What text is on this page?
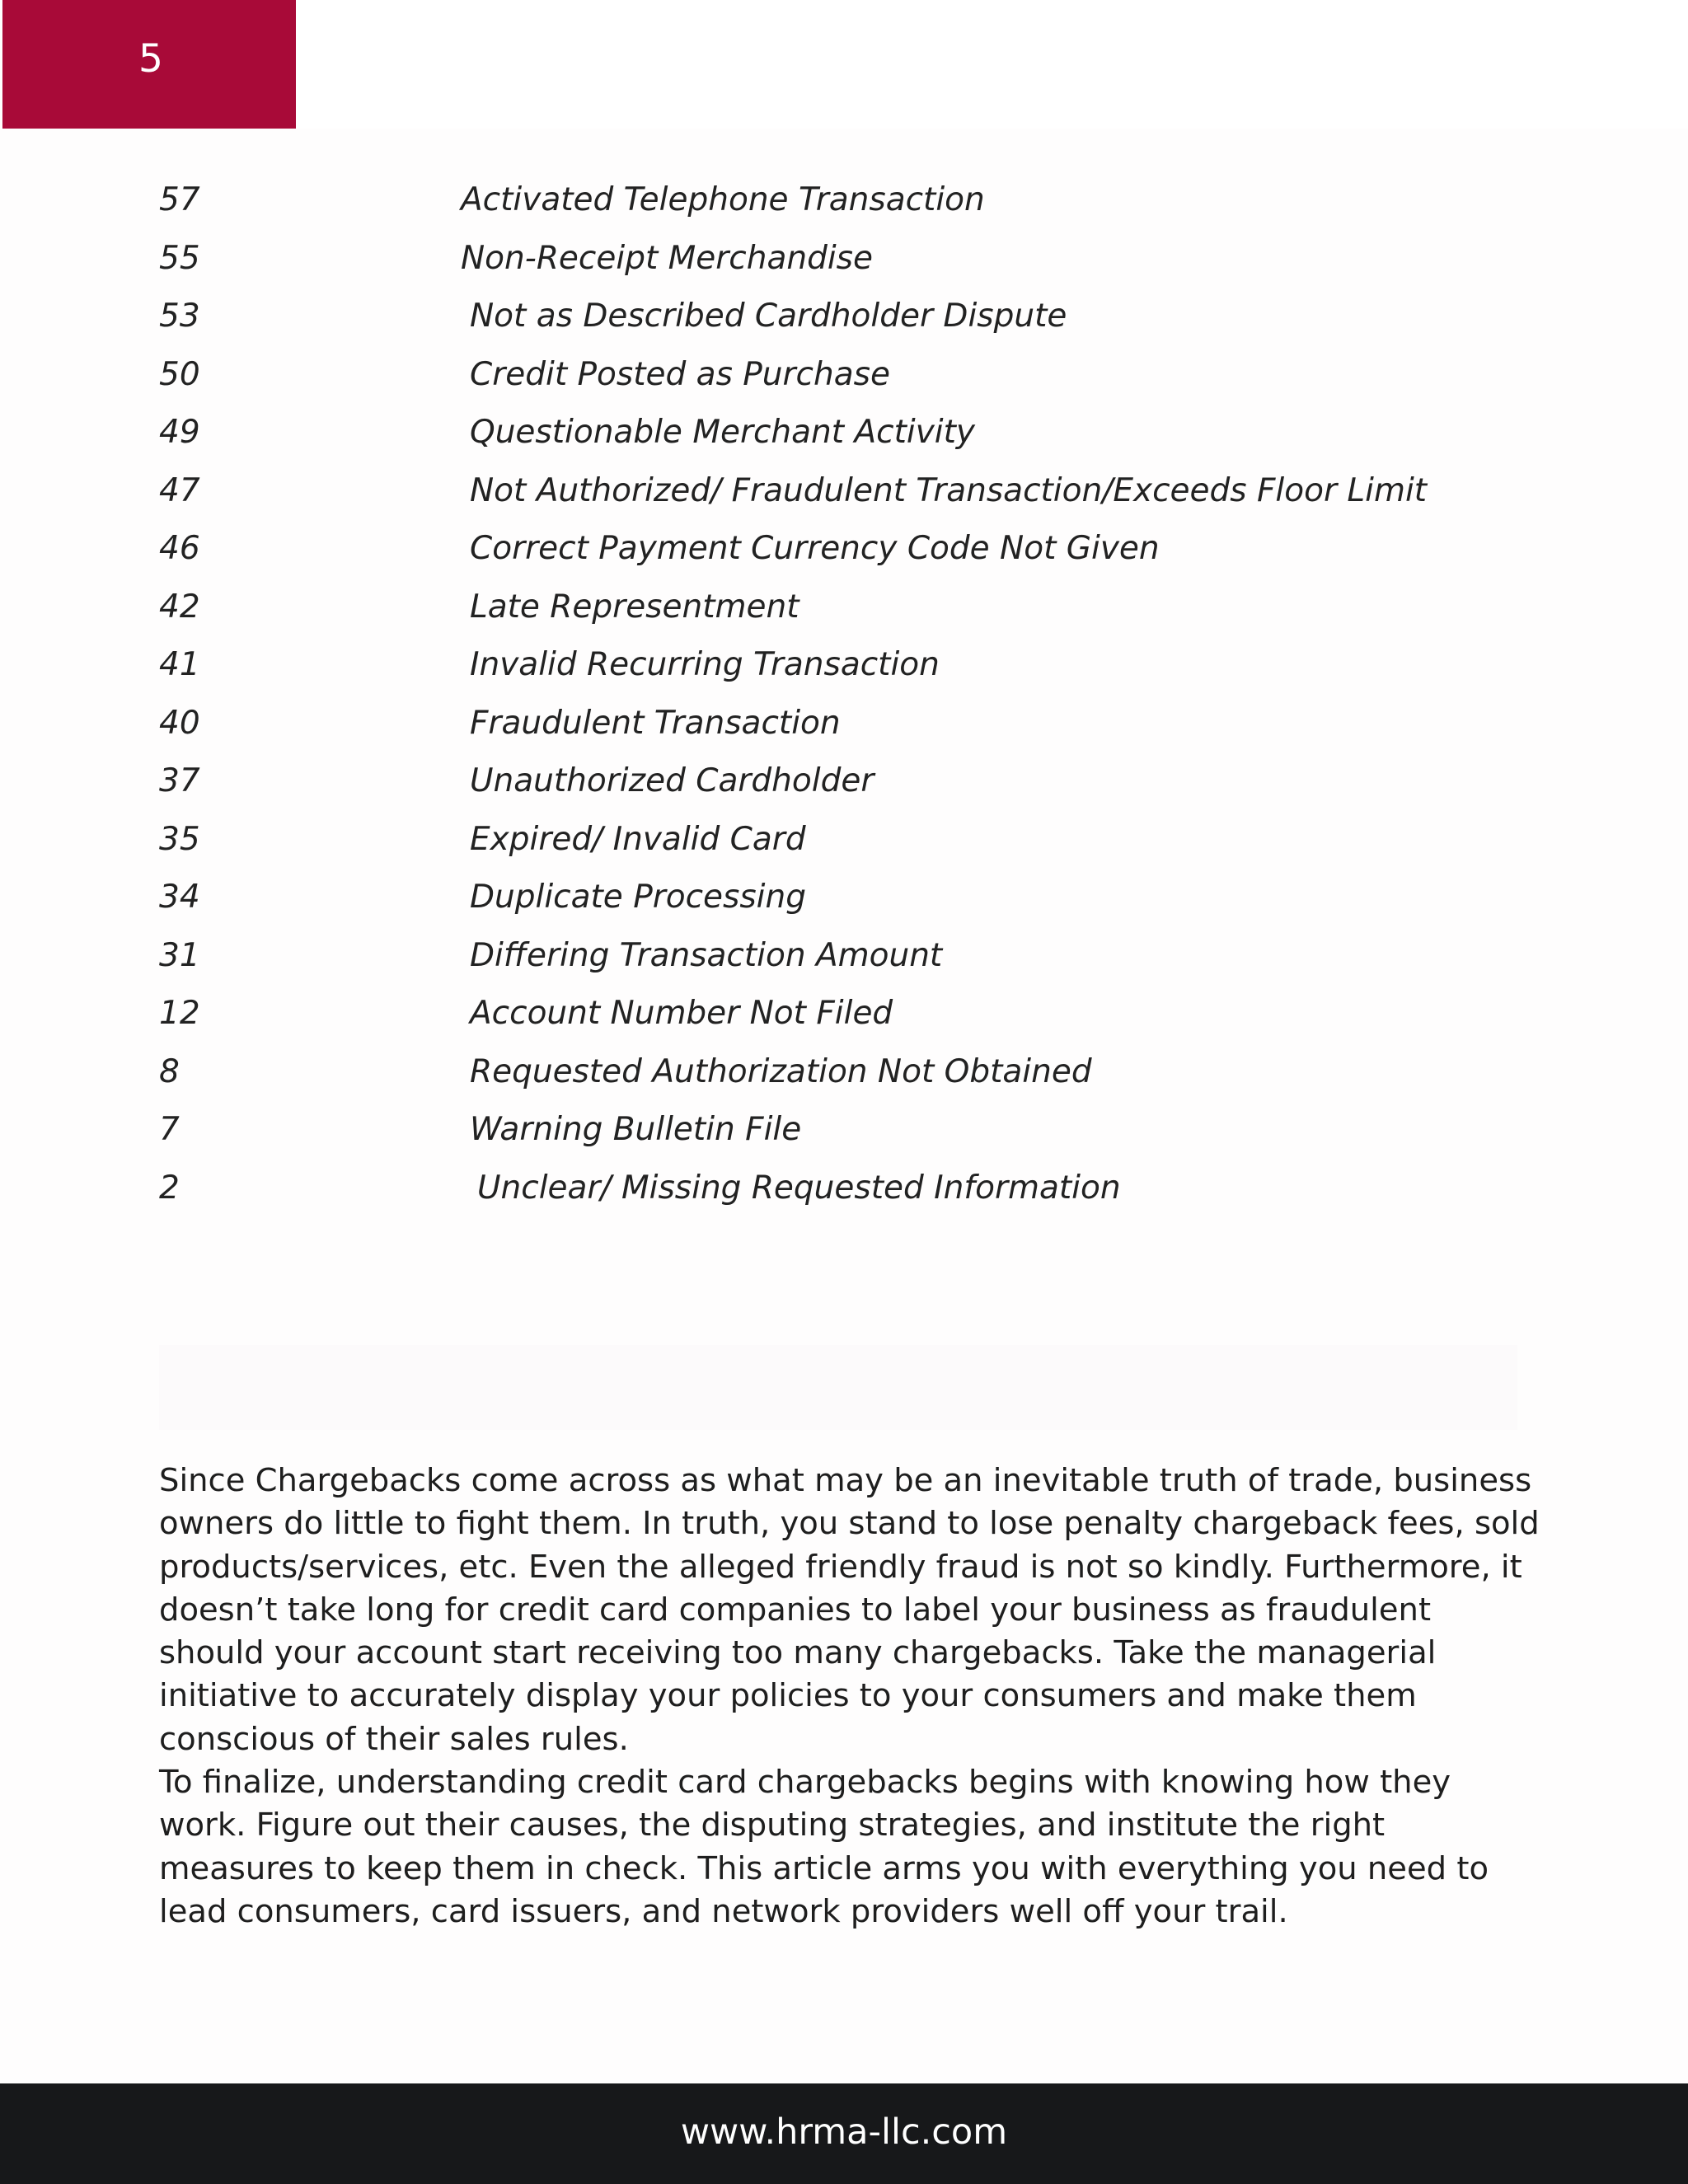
5
57	Activated Telephone Transaction
55	Non-Receipt Merchandise
53	Not as Described Cardholder Dispute
50	Credit Posted as Purchase
49	Questionable Merchant Activity
47	Not Authorized/ Fraudulent Transaction/Exceeds Floor Limit
46	Correct Payment Currency Code Not Given
42	Late Representment
41	Invalid Recurring Transaction
40	Fraudulent Transaction
37	Unauthorized Cardholder
35	Expired/ Invalid Card
34	Duplicate Processing
31	Differing Transaction Amount
12	Account Number Not Filed
8	Requested Authorization Not Obtained
7	Warning Bulletin File
2	Unclear/ Missing Requested Information

Since Chargebacks come across as what may be an inevitable truth of trade, business owners do little to fight them. In truth, you stand to lose penalty chargeback fees, sold products/services, etc. Even the alleged friendly fraud is not so kindly. Furthermore, it doesn’t take long for credit card companies to label your business as fraudulent should your account start receiving too many chargebacks. Take the managerial initiative to accurately display your policies to your consumers and make them conscious of their sales rules.

To finalize, understanding credit card chargebacks begins with knowing how they work. Figure out their causes, the disputing strategies, and institute the right measures to keep them in check. This article arms you with everything you need to lead consumers, card issuers, and network providers well off your trail.

www.hrma-llc.com
